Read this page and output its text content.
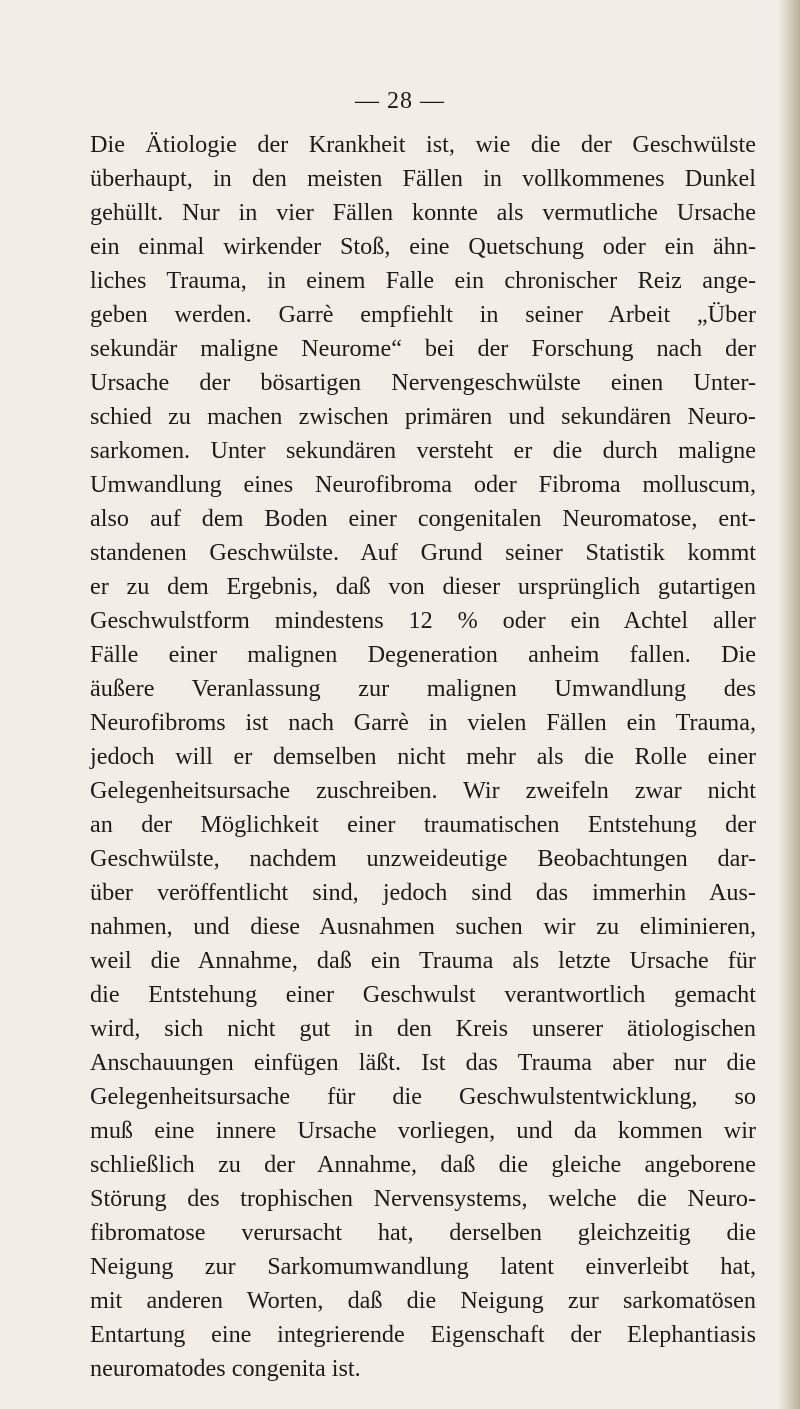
— 28 —
Die Ätiologie der Krankheit ist, wie die der Geschwülste
überhaupt, in den meisten Fällen in vollkommenes Dunkel
gehüllt. Nur in vier Fällen konnte als vermutliche Ursache
ein einmal wirkender Stoß, eine Quetschung oder ein ähn-
liches Trauma, in einem Falle ein chronischer Reiz ange-
geben werden. Garrè empfiehlt in seiner Arbeit „Über
sekundär maligne Neurome“ bei der Forschung nach der
Ursache der bösartigen Nervengeschwülste einen Unter-
schied zu machen zwischen primären und sekundären Neuro-
sarkomen. Unter sekundären versteht er die durch maligne
Umwandlung eines Neurofibroma oder Fibroma molluscum,
also auf dem Boden einer congenitalen Neuromatose, ent-
standenen Geschwülste. Auf Grund seiner Statistik kommt
er zu dem Ergebnis, daß von dieser ursprünglich gutartigen
Geschwulstform mindestens 12 % oder ein Achtel aller
Fälle einer malignen Degeneration anheim fallen. Die
äußere Veranlassung zur malignen Umwandlung des
Neurofibroms ist nach Garrè in vielen Fällen ein Trauma,
jedoch will er demselben nicht mehr als die Rolle einer
Gelegenheitsursache zuschreiben. Wir zweifeln zwar nicht
an der Möglichkeit einer traumatischen Entstehung der
Geschwülste, nachdem unzweideutige Beobachtungen dar-
über veröffentlicht sind, jedoch sind das immerhin Aus-
nahmen, und diese Ausnahmen suchen wir zu eliminieren,
weil die Annahme, daß ein Trauma als letzte Ursache für
die Entstehung einer Geschwulst verantwortlich gemacht
wird, sich nicht gut in den Kreis unserer ätiologischen
Anschauungen einfügen läßt. Ist das Trauma aber nur die
Gelegenheitsursache für die Geschwulstentwicklung, so
muß eine innere Ursache vorliegen, und da kommen wir
schließlich zu der Annahme, daß die gleiche angeborene
Störung des trophischen Nervensystems, welche die Neuro-
fibromatose verursacht hat, derselben gleichzeitig die
Neigung zur Sarkomumwandlung latent einverleibt hat,
mit anderen Worten, daß die Neigung zur sarkomatösen
Entartung eine integrierende Eigenschaft der Elephantiasis
neuromatodes congenita ist.
